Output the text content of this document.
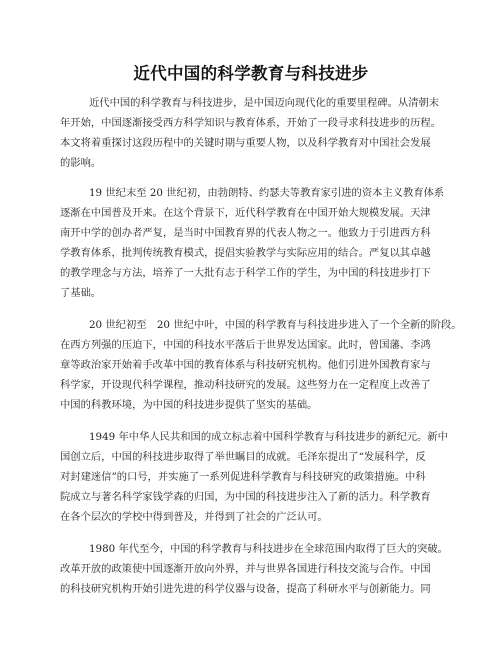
近代中国的科学教育与科技进步
近代中国的科学教育与科技进步，是中国迈向现代化的重要里程碑。从清朝末
年开始，中国逐渐接受西方科学知识与教育体系，开始了一段寻求科技进步的历程。
本文将着重探讨这段历程中的关键时期与重要人物，以及科学教育对中国社会发展
的影响。
19 世纪末至 20 世纪初，由勃朗特、约瑟夫等教育家引进的资本主义教育体系
逐渐在中国普及开来。在这个背景下，近代科学教育在中国开始大规模发展。天津
南开中学的创办者严复，是当时中国教育界的代表人物之一。他致力于引进西方科
学教育体系，批判传统教育模式，提倡实验教学与实际应用的结合。严复以其卓越
的教学理念与方法，培养了一大批有志于科学工作的学生，为中国的科技进步打下
了基础。
20 世纪初至　20 世纪中叶，中国的科学教育与科技进步进入了一个全新的阶段。
在西方列强的压迫下，中国的科技水平落后于世界发达国家。此时，曾国藩、李鸿
章等政治家开始着手改革中国的教育体系与科技研究机构。他们引进外国教育家与
科学家，开设现代科学课程，推动科技研究的发展。这些努力在一定程度上改善了
中国的科教环境，为中国的科技进步提供了坚实的基础。
1949 年中华人民共和国的成立标志着中国科学教育与科技进步的新纪元。新中
国创立后，中国的科技进步取得了举世瞩目的成就。毛泽东提出了“发展科学，反
对封建迷信”的口号，并实施了一系列促进科学教育与科技研究的政策措施。中科
院成立与著名科学家钱学森的归国，为中国的科技进步注入了新的活力。科学教育
在各个层次的学校中得到普及，并得到了社会的广泛认可。
1980 年代至今，中国的科学教育与科技进步在全球范围内取得了巨大的突破。
改革开放的政策使中国逐渐开放向外界，并与世界各国进行科技交流与合作。中国
的科技研究机构开始引进先进的科学仪器与设备，提高了科研水平与创新能力。同
